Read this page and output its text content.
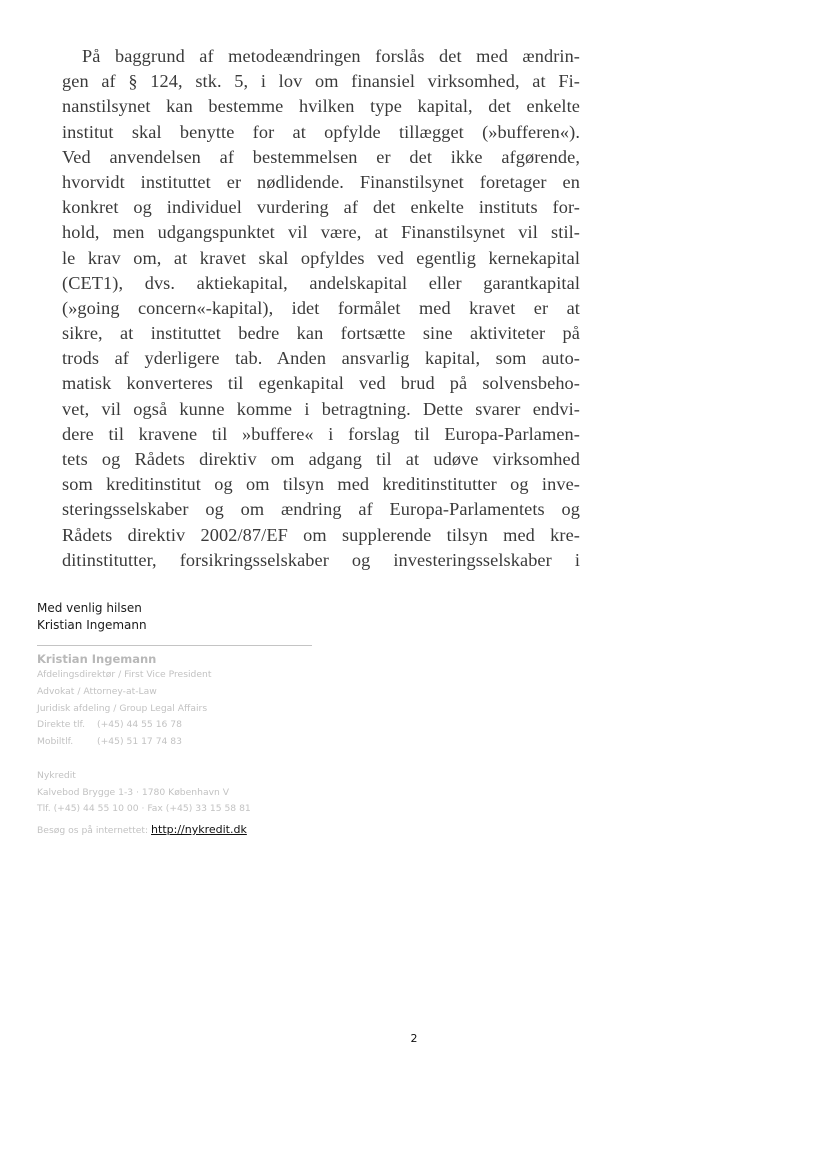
På baggrund af metodeændringen forslås det med ændrin-
gen af § 124, stk. 5, i lov om finansiel virksomhed, at Fi-
nanstilsynet kan bestemme hvilken type kapital, det enkelte
institut skal benytte for at opfylde tillægget (»bufferen«).
Ved anvendelsen af bestemmelsen er det ikke afgørende,
hvorvidt instituttet er nødlidende. Finanstilsynet foretager en
konkret og individuel vurdering af det enkelte instituts for-
hold, men udgangspunktet vil være, at Finanstilsynet vil stil-
le krav om, at kravet skal opfyldes ved egentlig kernekapital
(CET1), dvs. aktiekapital, andelskapital eller garantkapital
(»going concern«-kapital), idet formålet med kravet er at
sikre, at instituttet bedre kan fortsætte sine aktiviteter på
trods af yderligere tab. Anden ansvarlig kapital, som auto-
matisk konverteres til egenkapital ved brud på solvensbeho-
vet, vil også kunne komme i betragtning. Dette svarer endvi-
dere til kravene til »buffere« i forslag til Europa-Parlamen-
tets og Rådets direktiv om adgang til at udøve virksomhed
som kreditinstitut og om tilsyn med kreditinstitutter og inve-
steringsselskaber og om ændring af Europa-Parlamentets og
Rådets direktiv 2002/87/EF om supplerende tilsyn med kre-
ditinstitutter, forsikringsselskaber og investeringsselskaber i
Med venlig hilsen
Kristian Ingemann
Kristian Ingemann
Afdelingsdirektør / First Vice President
Advokat / Attorney-at-Law
Juridisk afdeling / Group Legal Affairs
Direkte tlf. (+45) 44 55 16 78
Mobiltlf.	(+45) 51 17 74 83
Nykredit
Kalvebod Brygge 1-3 · 1780 København V
Tlf. (+45) 44 55 10 00 · Fax (+45) 33 15 58 81
Besøg os på internettet: http://nykredit.dk
2
